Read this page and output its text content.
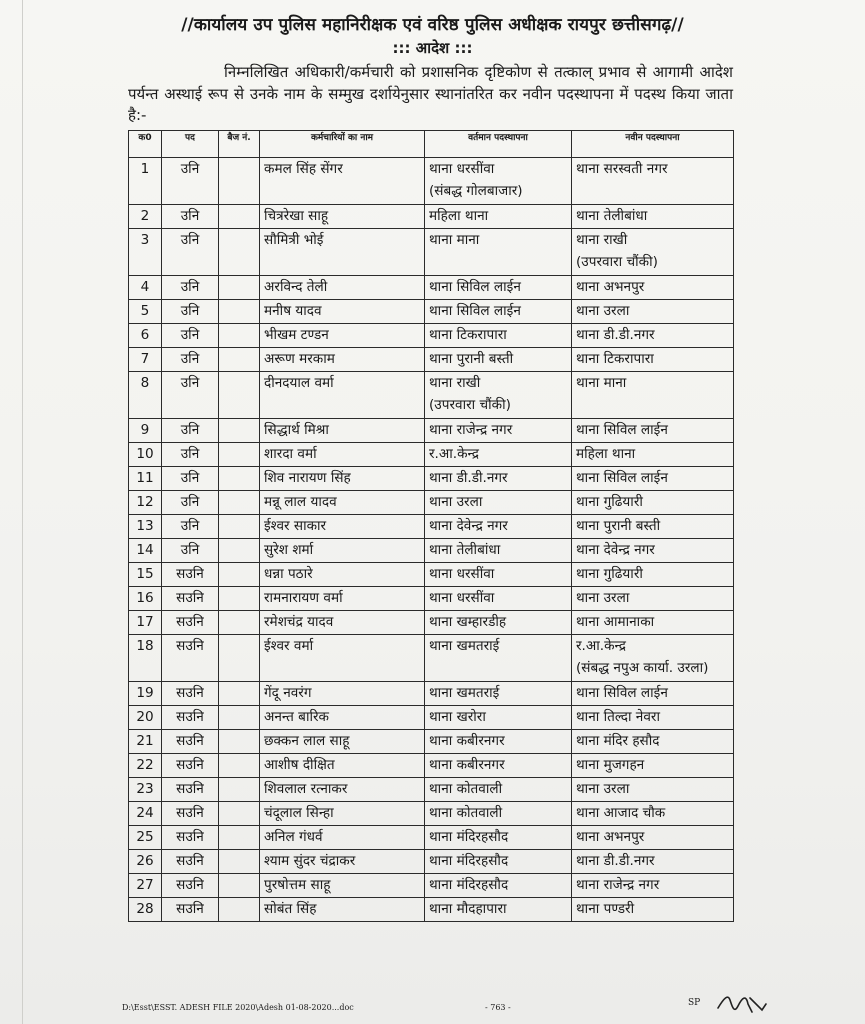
//कार्यालय उप पुलिस महानिरीक्षक एवं वरिष्ठ पुलिस अधीक्षक रायपुर छत्तीसगढ़//
::: आदेश :::
निम्नलिखित अधिकारी/कर्मचारी को प्रशासनिक दृष्टिकोण से तत्काल् प्रभाव से आगामी आदेश पर्यन्त अस्थाई रूप से उनके नाम के सम्मुख दर्शायेनुसार स्थानांतरित कर नवीन पदस्थापना में पदस्थ किया जाता है:-
क0	पद	बैज नं.	कर्मचारियों का नाम	वर्तमान पदस्थापना	नवीन पदस्थापना

1	उनि		कमल सिंह सेंगर	थाना धरसींवा
(संबद्ध गोलबाजार)	थाना सरस्वती नगर

2	उनि		चित्ररेखा साहू	महिला थाना	थाना तेलीबांधा

3	उनि		सौमित्री भोई	थाना माना	थाना राखी
(उपरवारा चौंकी)

4	उनि		अरविन्द तेली	थाना सिविल लाईन	थाना अभनपुर

5	उनि		मनीष यादव	थाना सिविल लाईन	थाना उरला

6	उनि		भीखम टण्डन	थाना टिकरापारा	थाना डी.डी.नगर

7	उनि		अरूण मरकाम	थाना पुरानी बस्ती	थाना टिकरापारा

8	उनि		दीनदयाल वर्मा	थाना राखी
(उपरवारा चौंकी)	थाना माना

9	उनि		सिद्धार्थ मिश्रा	थाना राजेन्द्र नगर	थाना सिविल लाईन

10	उनि		शारदा वर्मा	र.आ.केन्द्र	महिला थाना

11	उनि		शिव नारायण सिंह	थाना डी.डी.नगर	थाना सिविल लाईन

12	उनि		मन्नू लाल यादव	थाना उरला	थाना गुढियारी

13	उनि		ईश्वर साकार	थाना देवेन्द्र नगर	थाना पुरानी बस्ती

14	उनि		सुरेश शर्मा	थाना तेलीबांधा	थाना देवेन्द्र नगर

15	सउनि		धन्ना पठारे	थाना धरसींवा	थाना गुढियारी

16	सउनि		रामनारायण वर्मा	थाना धरसींवा	थाना उरला

17	सउनि		रमेशचंद्र यादव	थाना खम्हारडीह	थाना आमानाका

18	सउनि		ईश्वर वर्मा	थाना खमतराई	र.आ.केन्द्र
(संबद्ध नपुअ कार्या. उरला)

19	सउनि		गेंदू नवरंग	थाना खमतराई	थाना सिविल लाईन

20	सउनि		अनन्त बारिक	थाना खरोरा	थाना तिल्दा नेवरा

21	सउनि		छक्कन लाल साहू	थाना कबीरनगर	थाना मंदिर हसौद

22	सउनि		आशीष दीक्षित	थाना कबीरनगर	थाना मुजगहन

23	सउनि		शिवलाल रत्नाकर	थाना कोतवाली	थाना उरला

24	सउनि		चंदूलाल सिन्हा	थाना कोतवाली	थाना आजाद चौक

25	सउनि		अनिल गंधर्व	थाना मंदिरहसौद	थाना अभनपुर

26	सउनि		श्याम सुंदर चंद्राकर	थाना मंदिरहसौद	थाना डी.डी.नगर

27	सउनि		पुरषोत्तम साहू	थाना मंदिरहसौद	थाना राजेन्द्र नगर

28	सउनि		सोबंत सिंह	थाना मौदहापारा	थाना पण्डरी
D:\Esst\ESST. ADESH FILE 2020\Adesh 01-08-2020...doc	- 763 -	SP
